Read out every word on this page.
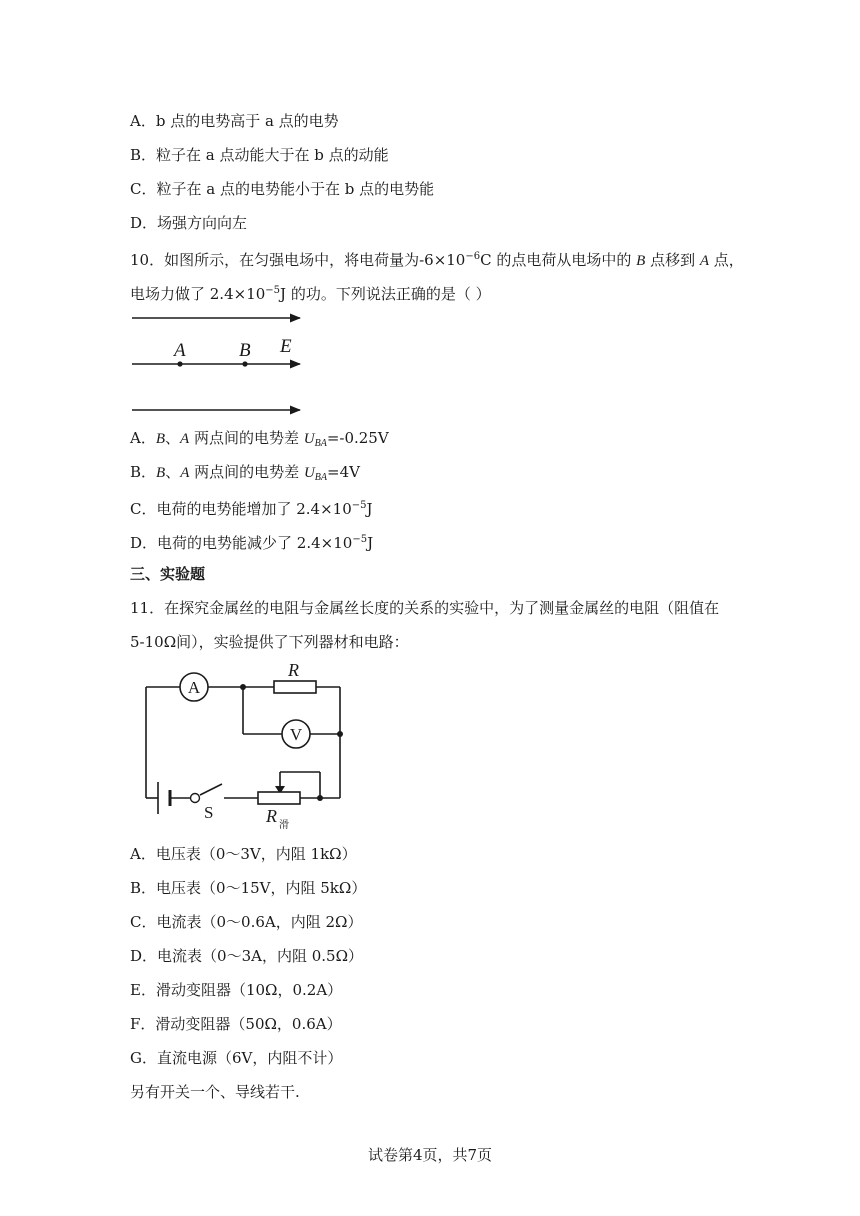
A．b 点的电势高于 a 点的电势
B．粒子在 a 点动能大于在 b 点的动能
C．粒子在 a 点的电势能小于在 b 点的电势能
D．场强方向向左
10．如图所示，在匀强电场中，将电荷量为$-6\times 10^{-6}C$ 的点电荷从电场中的 B 点移到 A 点，
电场力做了 $2.4\times 10^{-5}J$ 的功。下列说法正确的是（ ）
A	B E
A．B、A 两点间的电势差 $U_{BA}=-0.25V$
B．B、A 两点间的电势差 $U_{BA}=4V$
C．电荷的电势能增加了 $2.4\times 10^{-5}J$
D．电荷的电势能减少了 $2.4\times 10^{-5}J$
三、实验题
11．在探究金属丝的电阻与金属丝长度的关系的实验中，为了测量金属丝的电阻（阻值在
5-10Ω间），实验提供了下列器材和电路：
A
V
R
R 滑
S
A．电压表（0～3V，内阻 1kΩ）
B．电压表（0～15V，内阻 5kΩ）
C．电流表（0～0.6A，内阻 2Ω）
D．电流表（0～3A，内阻 0.5Ω）
E．滑动变阻器（10Ω，0.2A）
F．滑动变阻器（50Ω，0.6A）
G．直流电源（6V，内阻不计）
另有开关一个、导线若干.
试卷第4页，共7页
